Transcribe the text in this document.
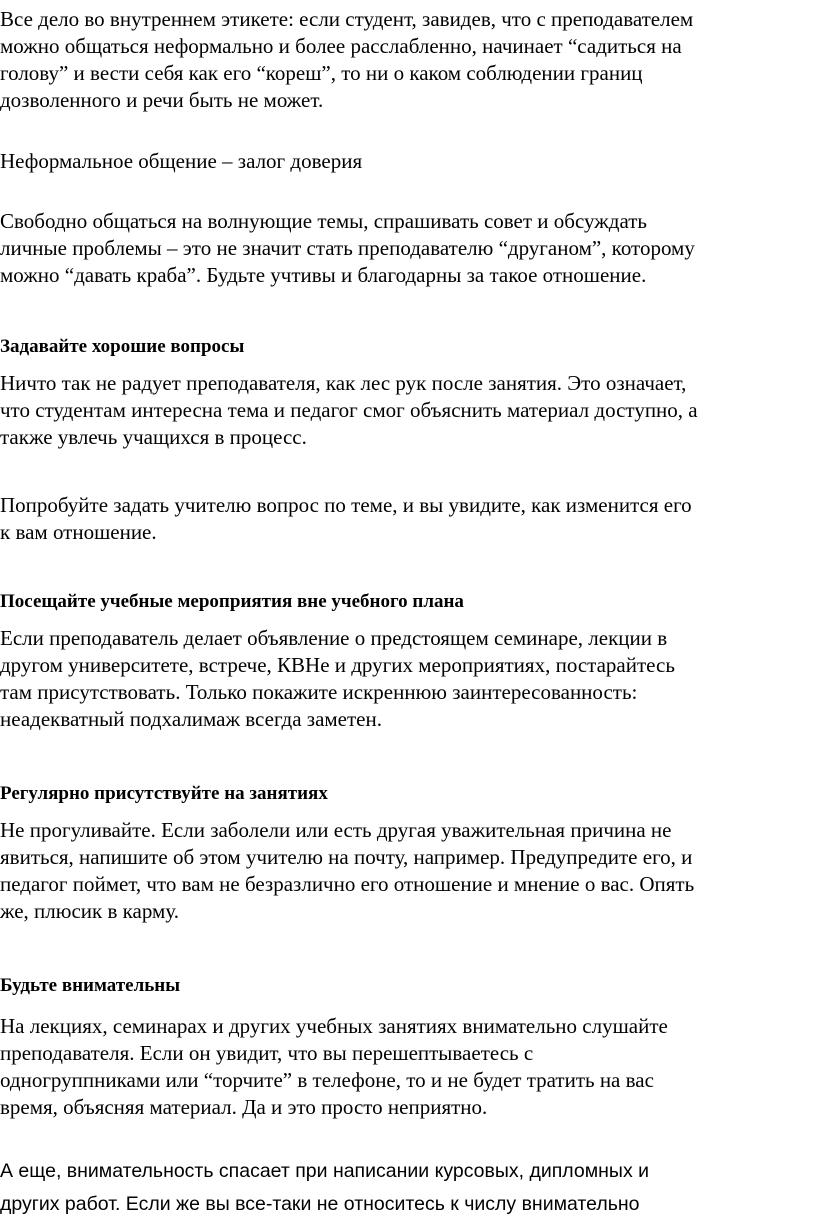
Все дело во внутреннем этикете: если студент, завидев, что с преподавателем
можно общаться неформально и более расслабленно, начинает “садиться на
голову” и вести себя как его “кореш”, то ни о каком соблюдении границ
дозволенного и речи быть не может.
Неформальное общение – залог доверия
Свободно общаться на волнующие темы, спрашивать совет и обсуждать
личные проблемы – это не значит стать преподавателю “друганом”, которому
можно “давать краба”. Будьте учтивы и благодарны за такое отношение.
Задавайте хорошие вопросы
Ничто так не радует преподавателя, как лес рук после занятия. Это означает,
что студентам интересна тема и педагог смог объяснить материал доступно, а
также увлечь учащихся в процесс.
Попробуйте задать учителю вопрос по теме, и вы увидите, как изменится его
к вам отношение.
Посещайте учебные мероприятия вне учебного плана
Если преподаватель делает объявление о предстоящем семинаре, лекции в
другом университете, встрече, КВНе и других мероприятиях, постарайтесь
там присутствовать. Только покажите искреннюю заинтересованность:
неадекватный подхалимаж всегда заметен.
Регулярно присутствуйте на занятиях
Не прогуливайте. Если заболели или есть другая уважительная причина не
явиться, напишите об этом учителю на почту, например. Предупредите его, и
педагог поймет, что вам не безразлично его отношение и мнение о вас. Опять
же, плюсик в карму.
Будьте внимательны
На лекциях, семинарах и других учебных занятиях внимательно слушайте
преподавателя. Если он увидит, что вы перешептываетесь с
одногруппниками или “торчите” в телефоне, то и не будет тратить на вас
время, объясняя материал. Да и это просто неприятно.
А еще, внимательность спасает при написании курсовых, дипломных и
других работ. Если же вы все-таки не относитесь к числу внимательно
